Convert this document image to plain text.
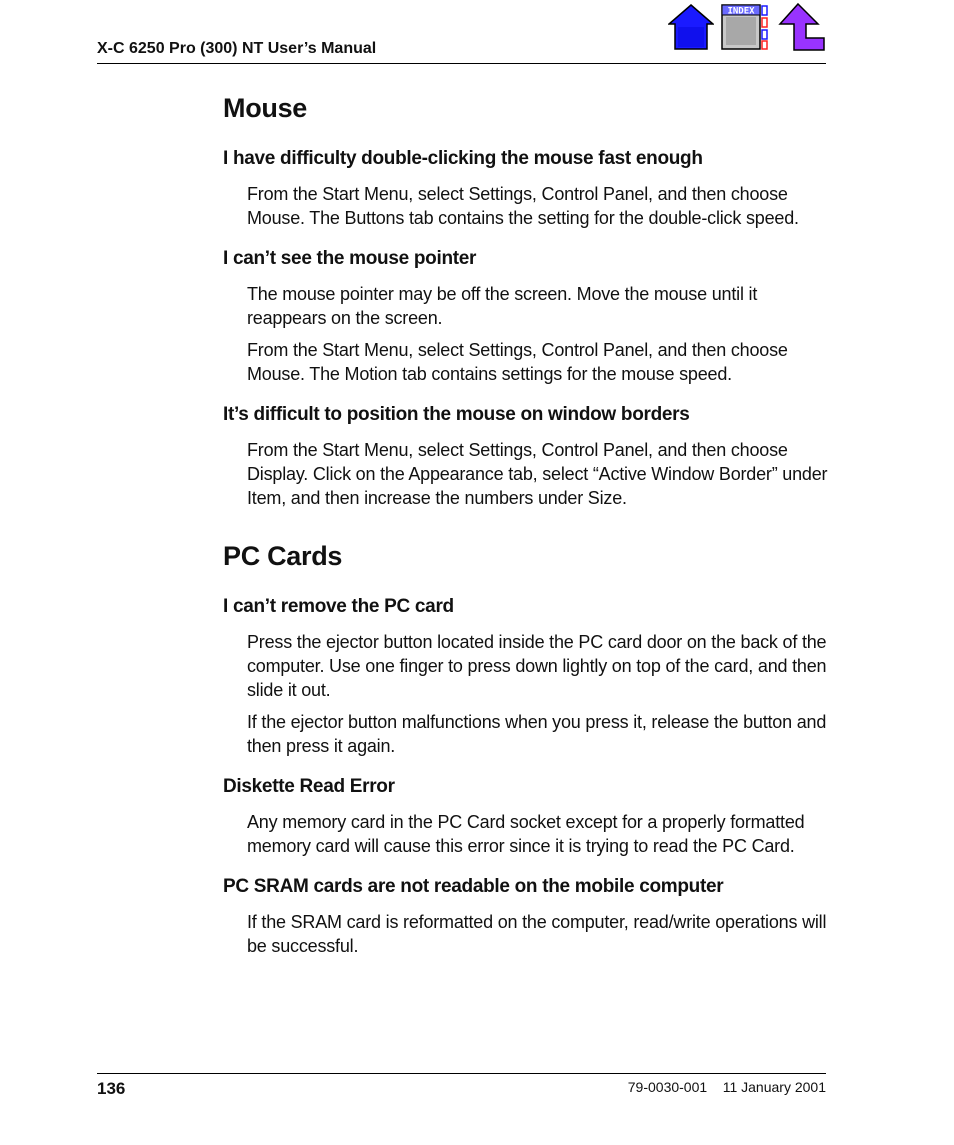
X-C 6250 Pro (300) NT User’s Manual
INDEX
Mouse
I have difficulty double-clicking the mouse fast enough

From the Start Menu, select Settings, Control Panel, and then choose Mouse. The Buttons tab contains the setting for the double-click speed.

I can’t see the mouse pointer

The mouse pointer may be off the screen. Move the mouse until it reappears on the screen.

From the Start Menu, select Settings, Control Panel, and then choose Mouse. The Motion tab contains settings for the mouse speed.

It’s difficult to position the mouse on window borders

From the Start Menu, select Settings, Control Panel, and then choose Display. Click on the Appearance tab, select “Active Window Border” under Item, and then increase the numbers under Size.

PC Cards
I can’t remove the PC card

Press the ejector button located inside the PC card door on the back of the computer. Use one finger to press down lightly on top of the card, and then slide it out.

If the ejector button malfunctions when you press it, release the button and then press it again.

Diskette Read Error

Any memory card in the PC Card socket except for a properly formatted memory card will cause this error since it is trying to read the PC Card.

PC SRAM cards are not readable on the mobile computer

If the SRAM card is reformatted on the computer, read/write operations will be successful.

136	79-0030-001    11 January 2001
